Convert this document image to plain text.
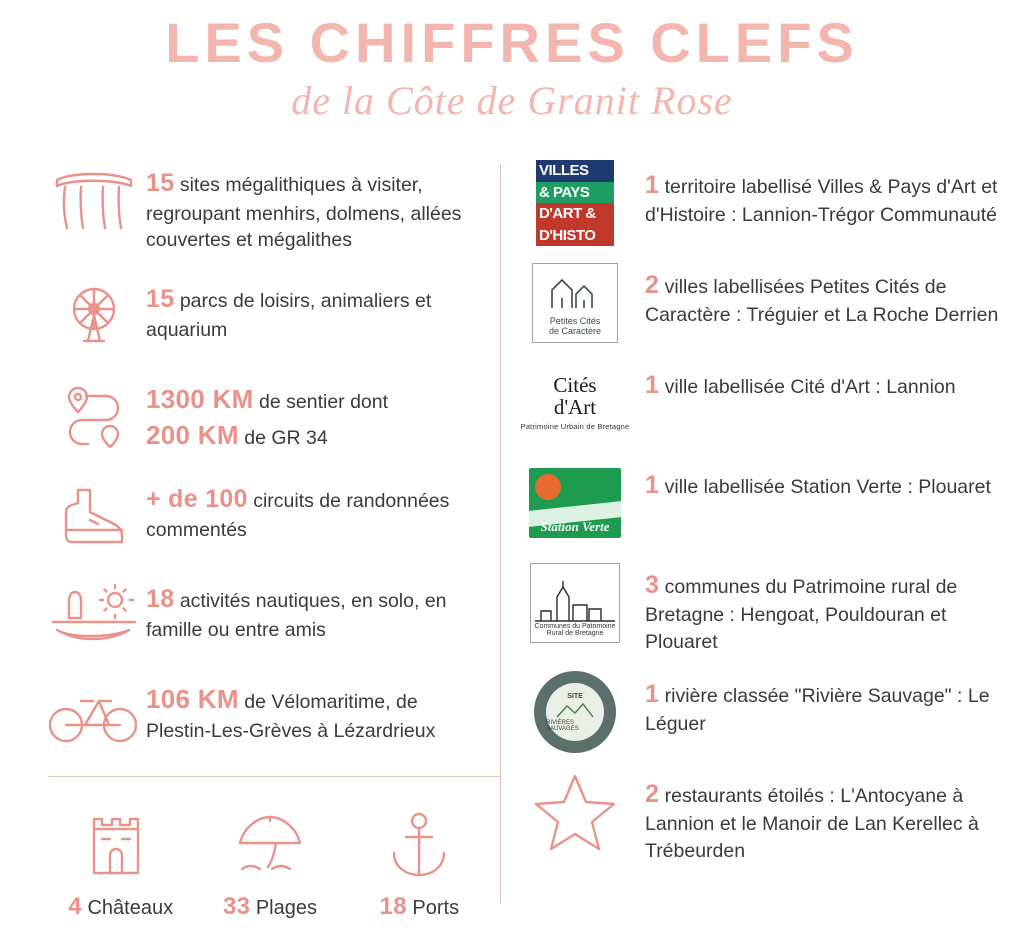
LES CHIFFRES CLEFS
de la Côte de Granit Rose
15 sites mégalithiques à visiter, regroupant menhirs, dolmens, allées couvertes et mégalithes
15 parcs de loisirs, animaliers et aquarium
1300 KM de sentier dont
200 KM de GR 34
+ de 100 circuits de randonnées commentés
18 activités nautiques, en solo, en famille ou entre amis
106 KM de Vélomaritime, de Plestin-Les-Grèves à Lézardrieux
4 Châteaux	33 Plages	18 Ports
VILLES
& PAYS
D'ART &
D'HISTO
1 territoire labellisé Villes & Pays d'Art et d'Histoire : Lannion-Trégor Communauté
Petites Cités
de Caractère
2 villes labellisées Petites Cités de Caractère : Tréguier et La Roche Derrien
Cités
d'Art
Patrimoine Urbain de Bretagne
1 ville labellisée Cité d'Art : Lannion
Station Verte
1 ville labellisée Station Verte : Plouaret
Communes du Patrimoine
Rural de Bretagne
3 communes du Patrimoine rural de Bretagne : Hengoat, Pouldouran et Plouaret
SITE
RIVIÈRES SAUVAGES
1 rivière classée "Rivière Sauvage" : Le Léguer
2 restaurants étoilés : L'Antocyane à Lannion et le Manoir de Lan Kerellec à Trébeurden
